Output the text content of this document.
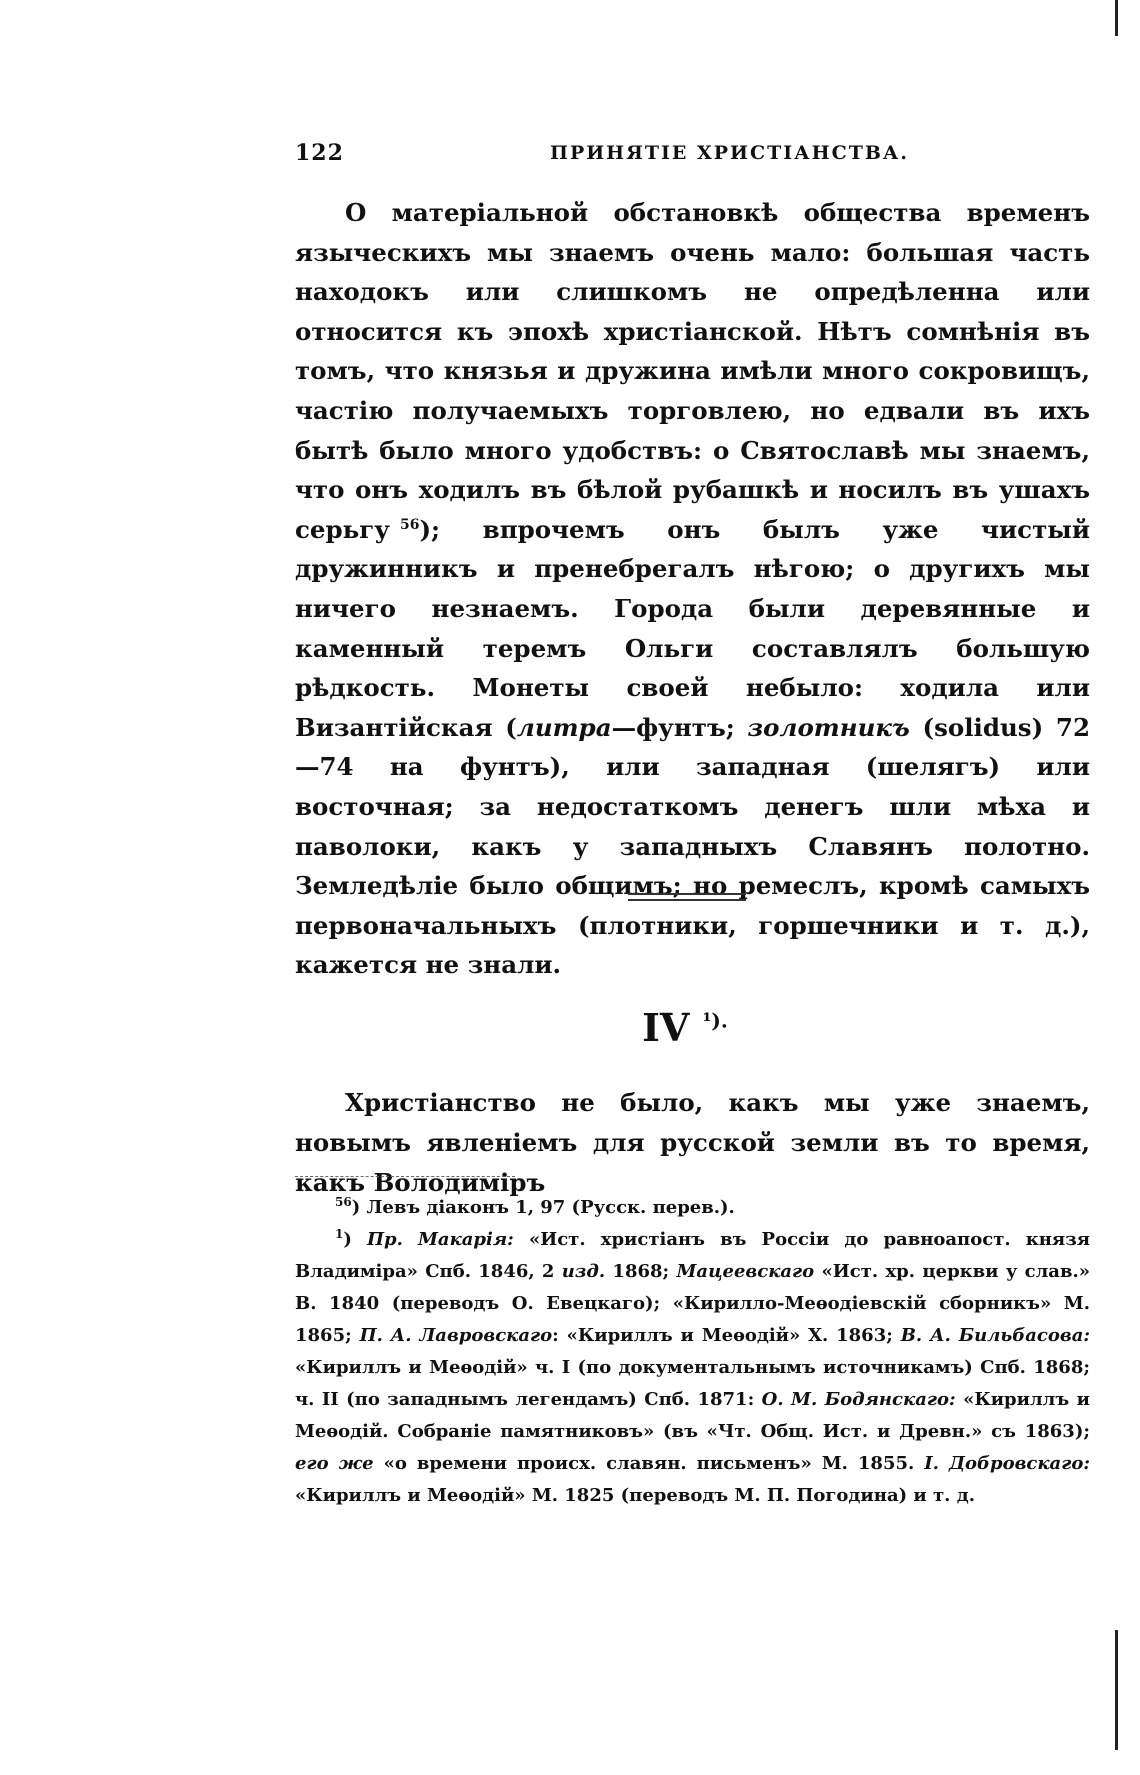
122	ПРИНЯТІЕ ХРИСТІАНСТВА.

О матеріальной обстановкѣ общества временъ языческихъ мы знаемъ очень мало: большая часть находокъ или слишкомъ не опредѣленна или относится къ эпохѣ христіанской. Нѣтъ сомнѣнія въ томъ, что князья и дружина имѣли много сокровищъ, частію получаемыхъ торговлею, но едвали въ ихъ бытѣ было много удобствъ: о Святославѣ мы знаемъ, что онъ ходилъ въ бѣлой рубашкѣ и носилъ въ ушахъ серьгу $^{56}$); впрочемъ онъ былъ уже чистый дружинникъ и пренебрегалъ нѣгою; о другихъ мы ничего незнаемъ. Города были деревянные и каменный теремъ Ольги составлялъ большую рѣдкость. Монеты своей небыло: ходила или Византійская (литра—фунтъ; золотникъ (solidus) 72—74 на фунтъ), или западная (шелягъ) или восточная; за недостаткомъ денегъ шли мѣха и паволоки, какъ у западныхъ Славянъ полотно. Земледѣліе было общимъ; но ремеслъ, кромѣ самыхъ первоначальныхъ (плотники, горшечники и т. д.), кажется не знали.

IV $^{^1).}$

Христіанство не было, какъ мы уже знаемъ, новымъ явленіемъ для русской земли въ то время, какъ Володиміръ

$^{56}$) Левъ діаконъ 1, 97 (Русск. перев.).

$^1$) Пр. Макарія: «Ист. христіанъ въ Россіи до равноапост. князя Владиміра» Спб. 1846, 2 изд. 1868; Мацеевскаго «Ист. хр. церкви у слав.» В. 1840 (переводъ О. Евецкаго); «Кирилло-Меѳодіевскій сборникъ» М. 1865; П. А. Лавровскаго: «Кириллъ и Меѳодій» Х. 1863; В. А. Бильбасова: «Кириллъ и Меѳодій» ч. I (по документальнымъ источникамъ) Спб. 1868; ч. II (по западнымъ легендамъ) Спб. 1871: О. М. Бодянскаго: «Кириллъ и Меѳодій. Собраніе памятниковъ» (въ «Чт. Общ. Ист. и Древн.» съ 1863); его же «о времени происх. славян. письменъ» М. 1855. І. Добровскаго: «Кириллъ и Меѳодій» М. 1825 (переводъ М. П. Погодина) и т. д.
